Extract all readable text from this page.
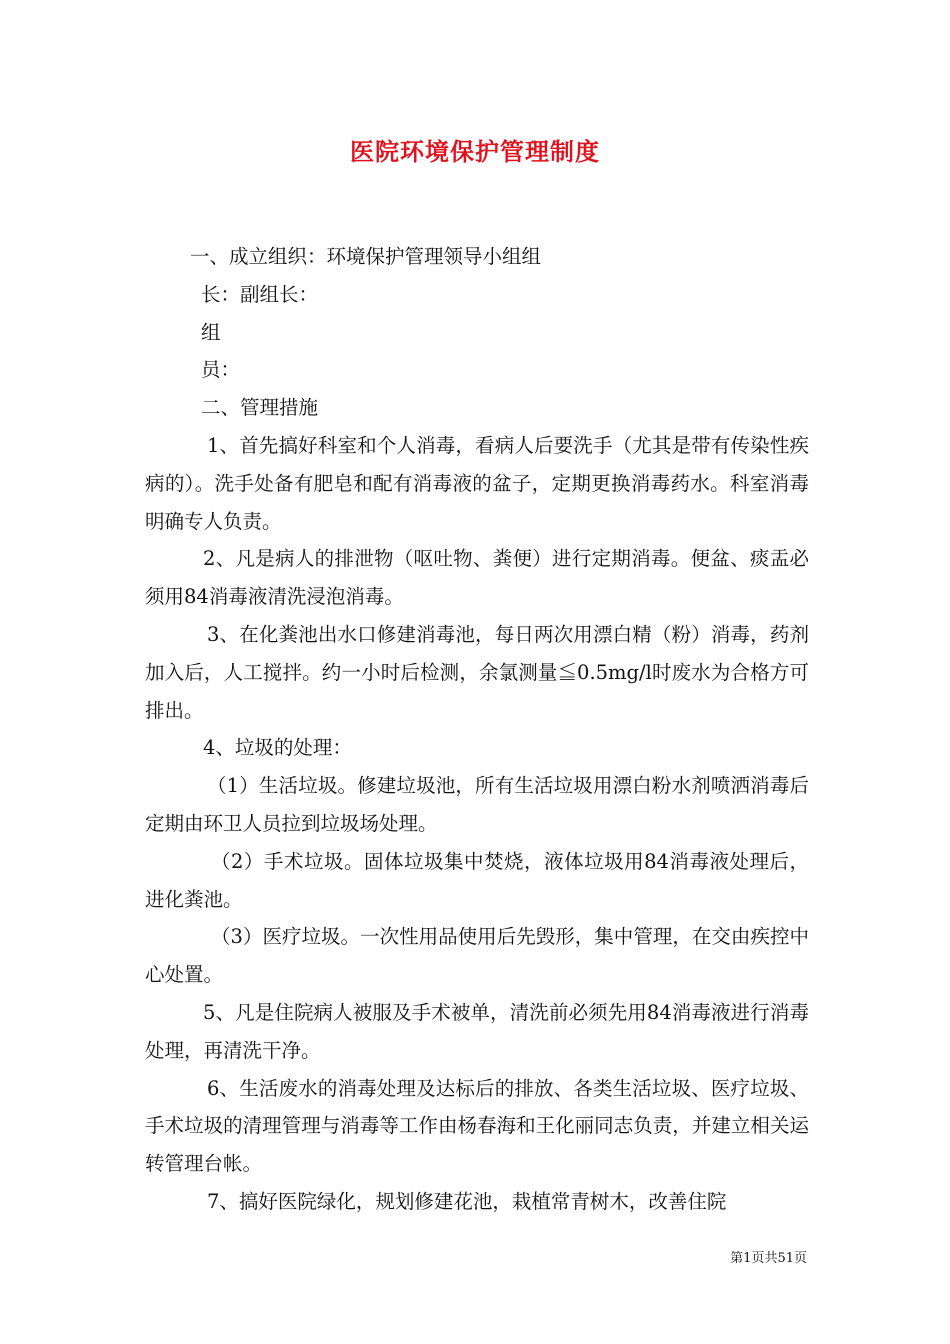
医院环境保护管理制度

一、成立组织：环境保护管理领导小组组

长：副组长：

组

员：

二、管理措施

1、首先搞好科室和个人消毒，看病人后要洗手（尤其是带有传染性疾病的）。洗手处备有肥皂和配有消毒液的盆子，定期更换消毒药水。科室消毒明确专人负责。

2、凡是病人的排泄物（呕吐物、粪便）进行定期消毒。便盆、痰盂必须用84消毒液清洗浸泡消毒。

3、在化粪池出水口修建消毒池，每日两次用漂白精（粉）消毒，药剂加入后，人工搅拌。约一小时后检测，余氯测量≦0.5mg/l时废水为合格方可排出。

4、垃圾的处理：

（1）生活垃圾。修建垃圾池，所有生活垃圾用漂白粉水剂喷洒消毒后定期由环卫人员拉到垃圾场处理。

（2）手术垃圾。固体垃圾集中焚烧，液体垃圾用84消毒液处理后，进化粪池。

（3）医疗垃圾。一次性用品使用后先毁形，集中管理，在交由疾控中心处置。

5、凡是住院病人被服及手术被单，清洗前必须先用84消毒液进行消毒处理，再清洗干净。

6、生活废水的消毒处理及达标后的排放、各类生活垃圾、医疗垃圾、手术垃圾的清理管理与消毒等工作由杨春海和王化丽同志负责，并建立相关运转管理台帐。

7、搞好医院绿化，规划修建花池，栽植常青树木，改善住院

第1页共51页
